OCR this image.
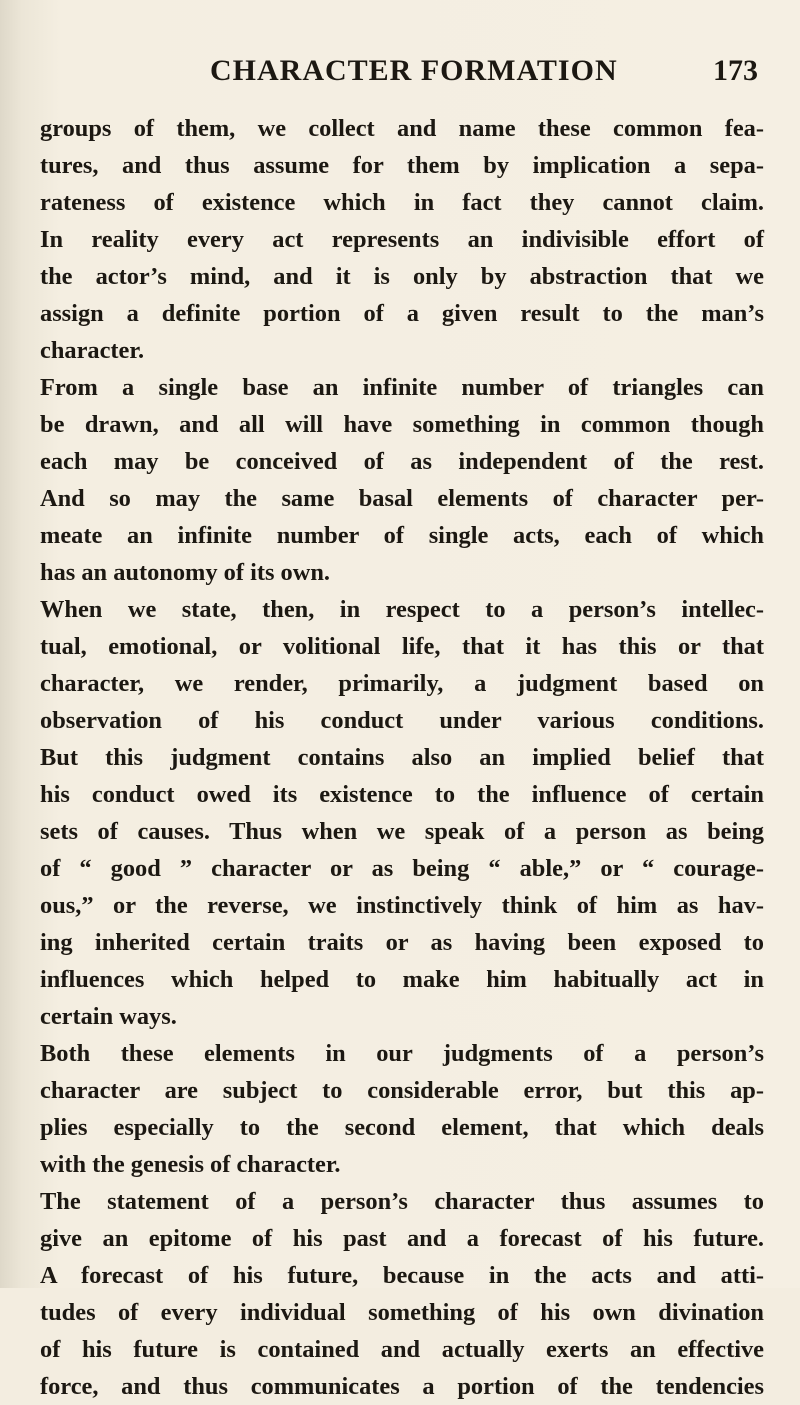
CHARACTER FORMATION	173

groups of them, we collect and name these common fea-
tures, and thus assume for them by implication a sepa-
rateness of existence which in fact they cannot claim.
In reality every act represents an indivisible effort of
the actor’s mind, and it is only by abstraction that we
assign a definite portion of a given result to the man’s
character.

From a single base an infinite number of triangles can
be drawn, and all will have something in common though
each may be conceived of as independent of the rest.
And so may the same basal elements of character per-
meate an infinite number of single acts, each of which
has an autonomy of its own.

When we state, then, in respect to a person’s intellec-
tual, emotional, or volitional life, that it has this or that
character, we render, primarily, a judgment based on
observation of his conduct under various conditions.
But this judgment contains also an implied belief that
his conduct owed its existence to the influence of certain
sets of causes. Thus when we speak of a person as being
of “ good ” character or as being “ able,” or “ courage-
ous,” or the reverse, we instinctively think of him as hav-
ing inherited certain traits or as having been exposed to
influences which helped to make him habitually act in
certain ways.

Both these elements in our judgments of a person’s
character are subject to considerable error, but this ap-
plies especially to the second element, that which deals
with the genesis of character.

The statement of a person’s character thus assumes to
give an epitome of his past and a forecast of his future.
A forecast of his future, because in the acts and atti-
tudes of every individual something of his own divination
of his future is contained and actually exerts an effective
force, and thus communicates a portion of the tendencies
